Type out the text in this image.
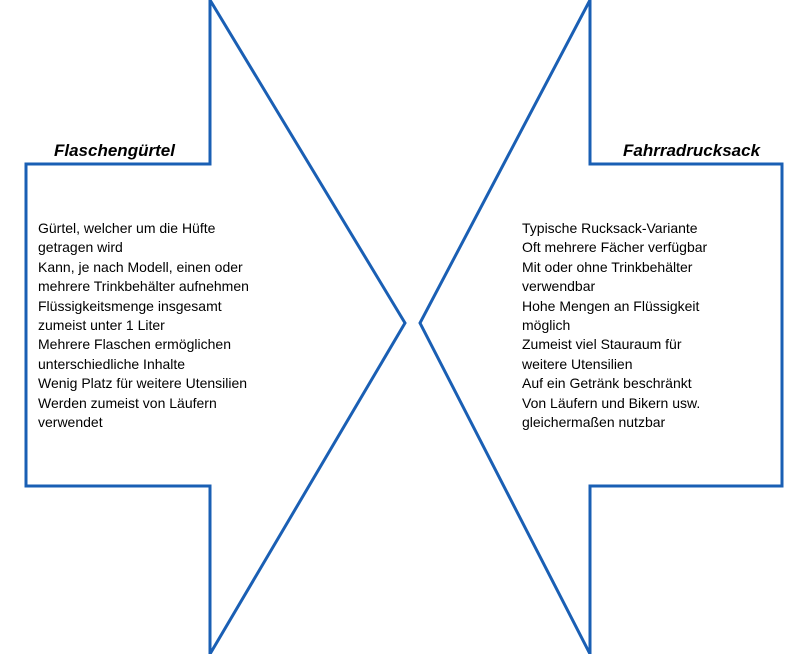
Flaschengürtel	Fahrradrucksack
Gürtel, welcher um die Hüfte
getragen wird
Kann, je nach Modell, einen oder
mehrere Trinkbehälter aufnehmen
Flüssigkeitsmenge insgesamt
zumeist unter 1 Liter
Mehrere Flaschen ermöglichen
unterschiedliche Inhalte
Wenig Platz für weitere Utensilien
Werden zumeist von Läufern
verwendet
Typische Rucksack-Variante
Oft mehrere Fächer verfügbar
Mit oder ohne Trinkbehälter
verwendbar
Hohe Mengen an Flüssigkeit
möglich
Zumeist viel Stauraum für
weitere Utensilien
Auf ein Getränk beschränkt
Von Läufern und Bikern usw.
gleichermaßen nutzbar
